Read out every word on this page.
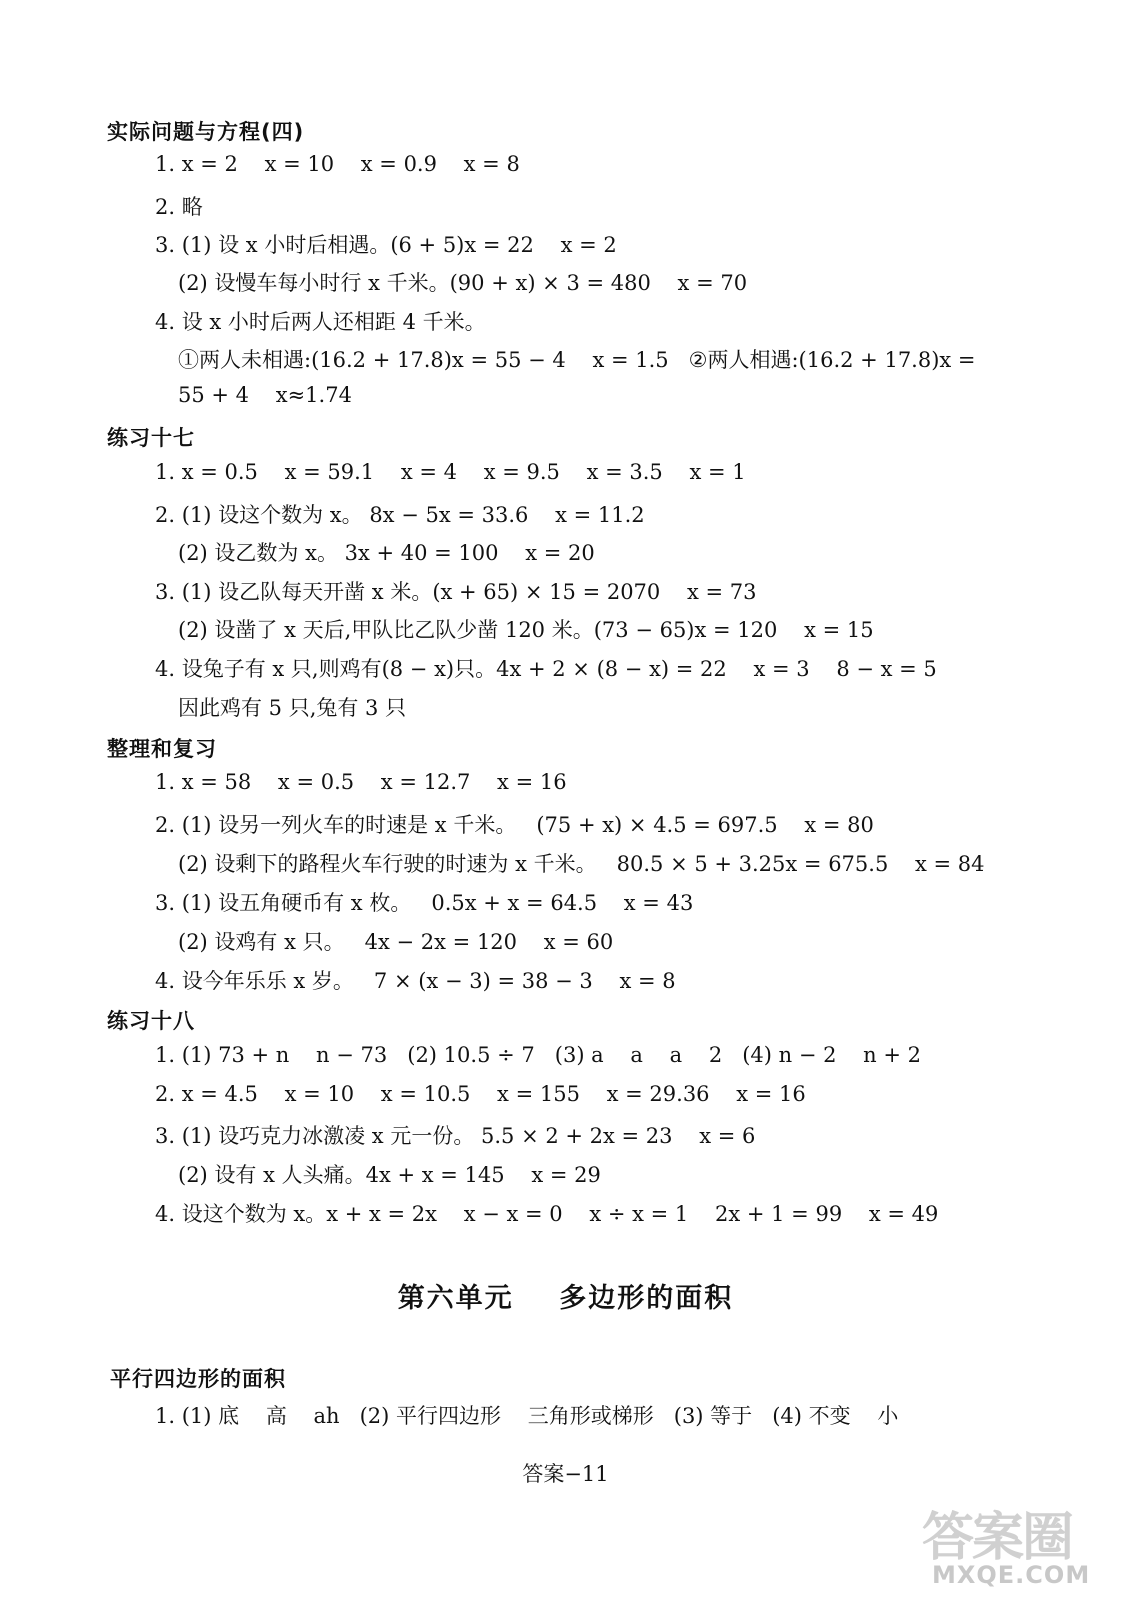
实际问题与方程(四)
1. x = 2    x = 10    x = 0.9    x = 8
2. 略
3. (1) 设 x 小时后相遇。(6 + 5)x = 22    x = 2
(2) 设慢车每小时行 x 千米。(90 + x) × 3 = 480    x = 70
4. 设 x 小时后两人还相距 4 千米。
①两人未相遇:(16.2 + 17.8)x = 55 − 4    x = 1.5   ②两人相遇:(16.2 + 17.8)x =
55 + 4    x≈1.74
练习十七
1. x = 0.5    x = 59.1    x = 4    x = 9.5    x = 3.5    x = 1
2. (1) 设这个数为 x。 8x − 5x = 33.6    x = 11.2
(2) 设乙数为 x。 3x + 40 = 100    x = 20
3. (1) 设乙队每天开凿 x 米。(x + 65) × 15 = 2070    x = 73
(2) 设凿了 x 天后,甲队比乙队少凿 120 米。(73 − 65)x = 120    x = 15
4. 设兔子有 x 只,则鸡有(8 − x)只。4x + 2 × (8 − x) = 22    x = 3    8 − x = 5
因此鸡有 5 只,兔有 3 只
整理和复习
1. x = 58    x = 0.5    x = 12.7    x = 16
2. (1) 设另一列火车的时速是 x 千米。   (75 + x) × 4.5 = 697.5    x = 80
(2) 设剩下的路程火车行驶的时速为 x 千米。   80.5 × 5 + 3.25x = 675.5    x = 84
3. (1) 设五角硬币有 x 枚。   0.5x + x = 64.5    x = 43
(2) 设鸡有 x 只。   4x − 2x = 120    x = 60
4. 设今年乐乐 x 岁。   7 × (x − 3) = 38 − 3    x = 8
练习十八
1. (1) 73 + n    n − 73   (2) 10.5 ÷ 7   (3) a    a    a    2   (4) n − 2    n + 2
2. x = 4.5    x = 10    x = 10.5    x = 155    x = 29.36    x = 16
3. (1) 设巧克力冰激凌 x 元一份。 5.5 × 2 + 2x = 23    x = 6
(2) 设有 x 人头痛。4x + x = 145    x = 29
4. 设这个数为 x。x + x = 2x    x − x = 0    x ÷ x = 1    2x + 1 = 99    x = 49
第六单元    多边形的面积
平行四边形的面积
1. (1) 底    高    ah   (2) 平行四边形    三角形或梯形   (3) 等于   (4) 不变    小
答案−11
答案圈
MXQE.COM
